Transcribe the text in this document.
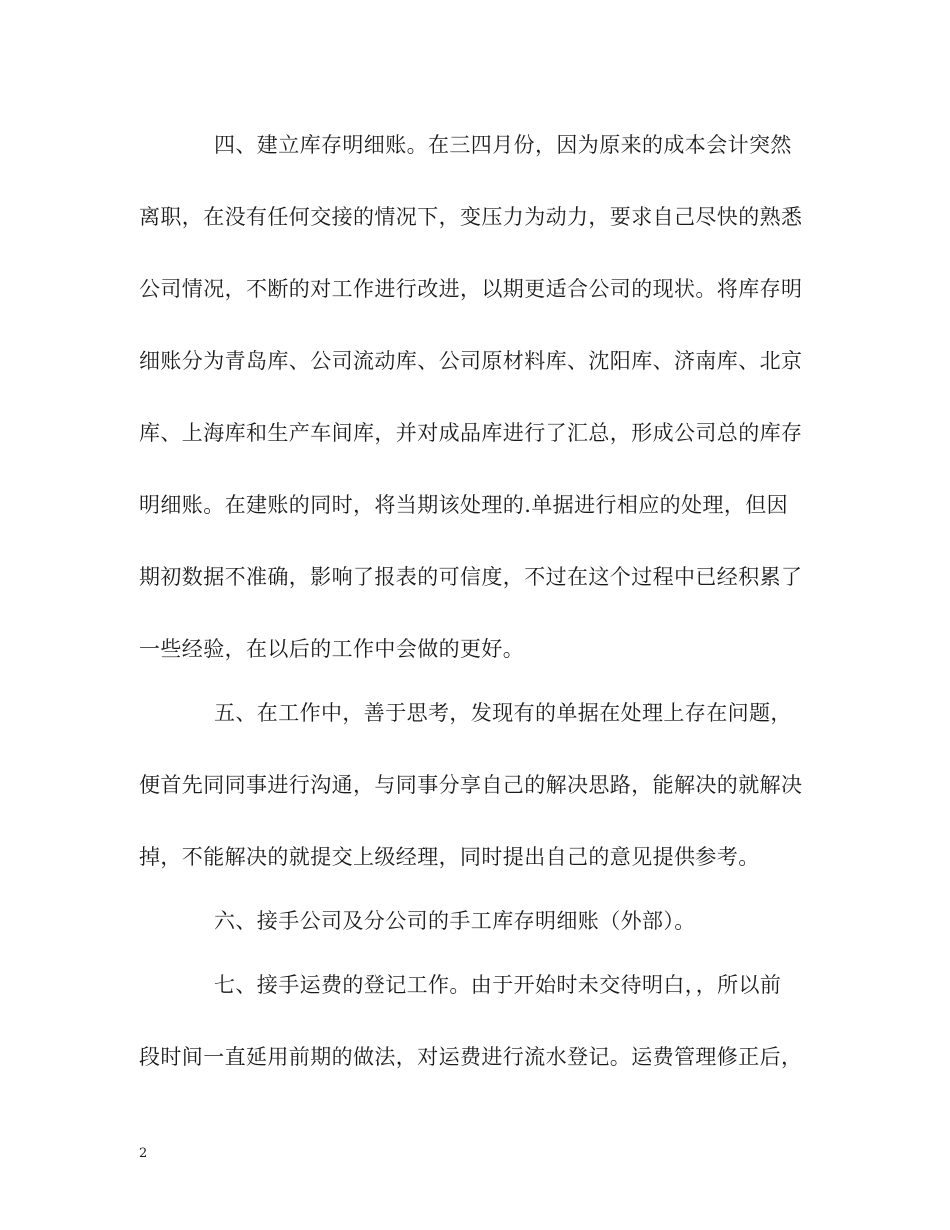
四、建立库存明细账。在三四月份，因为原来的成本会计突然
离职，在没有任何交接的情况下，变压力为动力，要求自己尽快的熟悉
公司情况，不断的对工作进行改进，以期更适合公司的现状。将库存明
细账分为青岛库、公司流动库、公司原材料库、沈阳库、济南库、北京
库、上海库和生产车间库，并对成品库进行了汇总，形成公司总的库存
明细账。在建账的同时，将当期该处理的.单据进行相应的处理，但因
期初数据不准确，影响了报表的可信度，不过在这个过程中已经积累了
一些经验，在以后的工作中会做的更好。
五、在工作中，善于思考，发现有的单据在处理上存在问题，
便首先同同事进行沟通，与同事分享自己的解决思路，能解决的就解决
掉，不能解决的就提交上级经理，同时提出自己的意见提供参考。
六、接手公司及分公司的手工库存明细账（外部）。
七、接手运费的登记工作。由于开始时未交待明白，，所以前
段时间一直延用前期的做法，对运费进行流水登记。运费管理修正后，
2
